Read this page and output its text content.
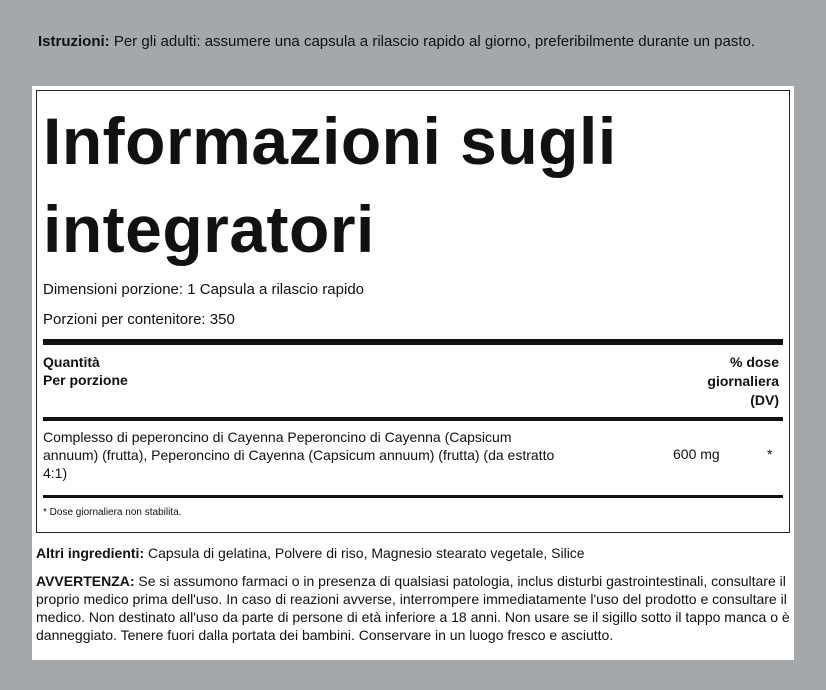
Istruzioni: Per gli adulti: assumere una capsula a rilascio rapido al giorno, preferibilmente durante un pasto.
Informazioni sugli integratori
Dimensioni porzione: 1 Capsula a rilascio rapido
Porzioni per contenitore: 350
Quantità
Per porzione
% dose
giornaliera
(DV)
Complesso di peperoncino di Cayenna Peperoncino di Cayenna (Capsicum annuum) (frutta), Peperoncino di Cayenna (Capsicum annuum) (frutta) (da estratto 4:1)
600 mg	*
* Dose giornaliera non stabilita.
Altri ingredienti: Capsula di gelatina, Polvere di riso, Magnesio stearato vegetale, Silice
AVVERTENZA: Se si assumono farmaci o in presenza di qualsiasi patologia, inclus disturbi gastrointestinali, consultare il proprio medico prima dell'uso. In caso di reazioni avverse, interrompere immediatamente l'uso del prodotto e consultare il medico. Non destinato all'uso da parte di persone di età inferiore a 18 anni. Non usare se il sigillo sotto il tappo manca o è danneggiato. Tenere fuori dalla portata dei bambini. Conservare in un luogo fresco e asciutto.
